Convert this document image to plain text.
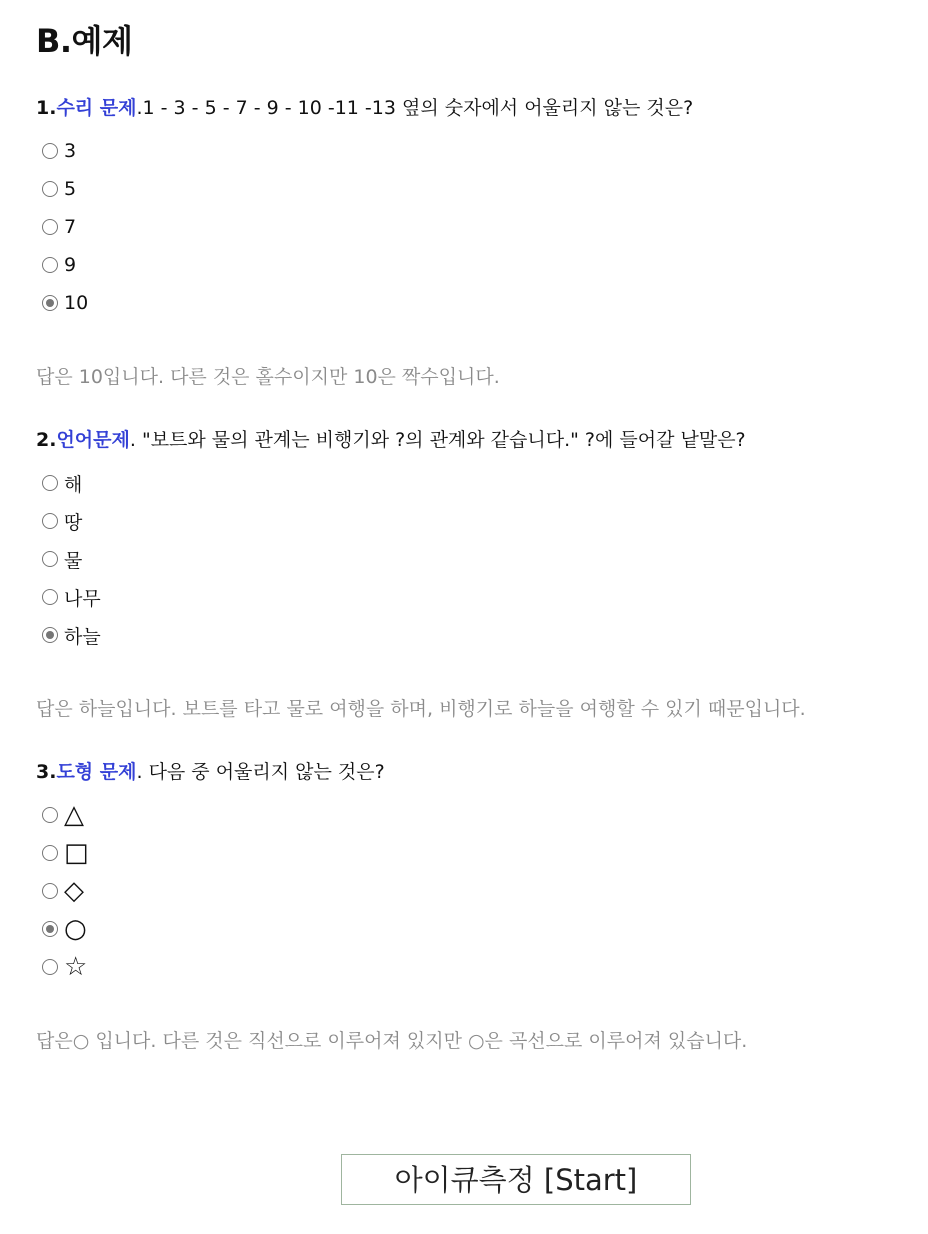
B.예제
1.수리 문제.1 - 3 - 5 - 7 - 9 - 10 -11 -13 옆의 숫자에서 어울리지 않는 것은?
3
5
7
9
10
답은 10입니다. 다른 것은 홀수이지만 10은 짝수입니다.
2.언어문제. "보트와 물의 관계는 비행기와 ?의 관계와 같습니다." ?에 들어갈 낱말은?
해
땅
물
나무
하늘
답은 하늘입니다. 보트를 타고 물로 여행을 하며, 비행기로 하늘을 여행할 수 있기 때문입니다.
3.도형 문제. 다음 중 어울리지 않는 것은?
△
□
◇
○
☆
답은○ 입니다. 다른 것은 직선으로 이루어져 있지만 ○은 곡선으로 이루어져 있습니다.
아이큐측정 [Start]
